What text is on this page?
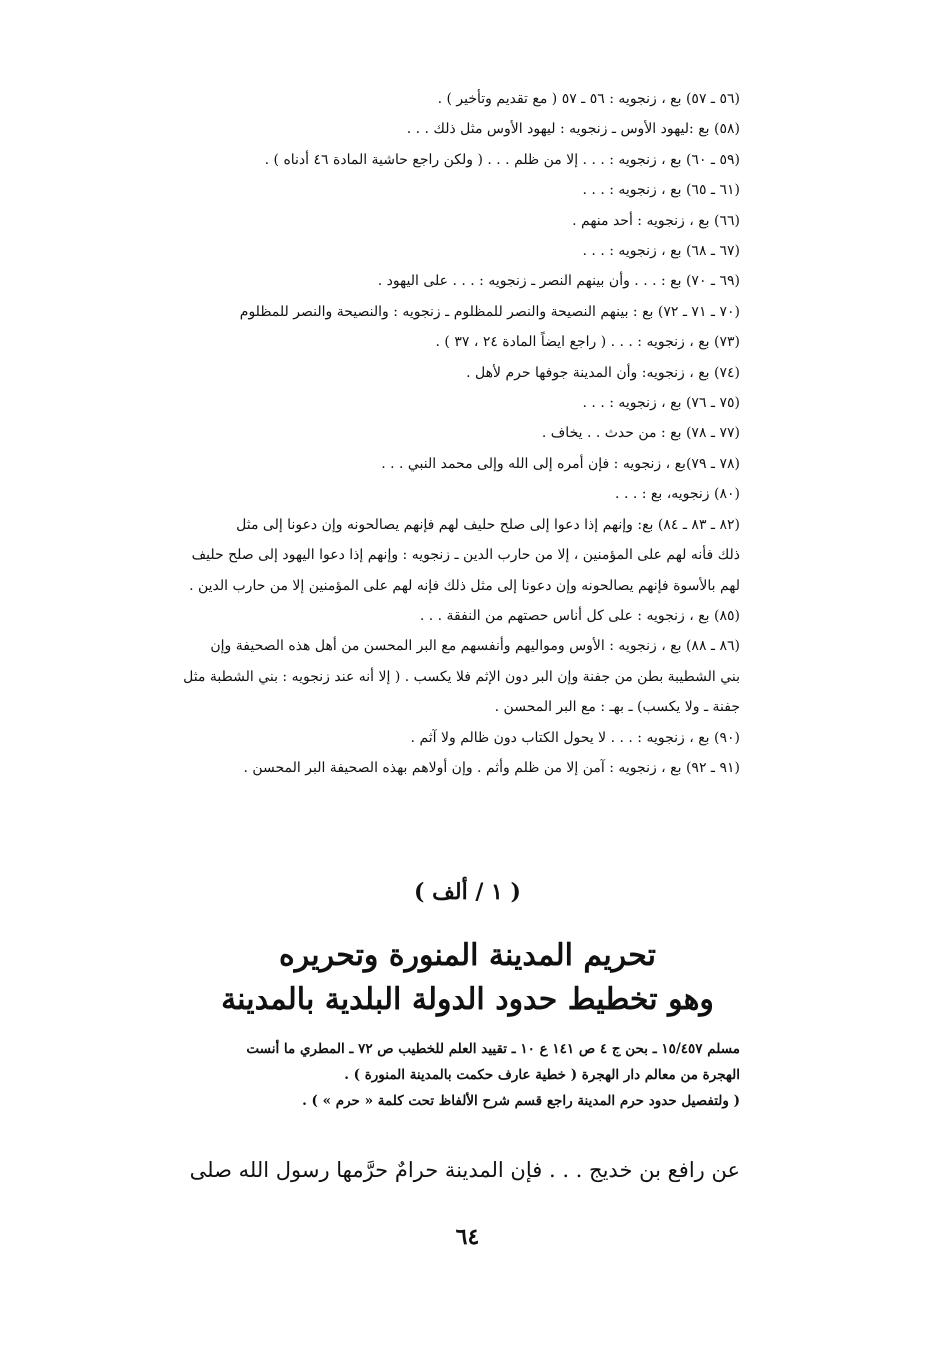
(٥٦ ـ ٥٧) بع ، زنجويه : ٥٦ ـ ٥٧ ( مع تقديم وتأخير ) .
(٥٨) بع :ليهود الأوس ـ زنجويه : ليهود الأوس مثل ذلك . . .
(٥٩ ـ ٦٠) بع ، زنجويه : . . . إلا من ظلم . . . ( ولكن راجع حاشية المادة ٤٦ أدناه ) .
(٦١ ـ ٦٥) بع ، زنجويه : . . .
(٦٦) بع ، زنجويه : أحد منهم .
(٦٧ ـ ٦٨) بع ، زنجويه : . . .
(٦٩ ـ ٧٠) بع : . . . وأن بينهم النصر ـ زنجويه : . . . على اليهود .
(٧٠ ـ ٧١ ـ ٧٢) بع : بينهم النصيحة والنصر للمظلوم ـ زنجويه : والنصيحة والنصر للمظلوم
(٧٣) بع ، زنجويه : . . . ( راجع ايضاً المادة ٢٤ ، ٣٧ ) .
(٧٤) بع ، زنجويه: وأن المدينة جوفها حرم لأهل .
(٧٥ ـ ٧٦) بع ، زنجويه : . . .
(٧٧ ـ ٧٨) بع : من حدث . . يخاف .
(٧٨ ـ ٧٩)بع ، زنجويه : فإن أمره إلى الله وإلى محمد النبي . . .
(٨٠) زنجويه، بع : . . .
(٨٢ ـ ٨٣ ـ ٨٤) بع: وإنهم إذا دعوا إلى صلح حليف لهم فإنهم يصالحونه وإن دعونا إلى مثل
ذلك فأنه لهم على المؤمنين ، إلا من حارب الدين ـ زنجويه : وإنهم إذا دعوا اليهود إلى صلح حليف
لهم بالأسوة فإنهم يصالحونه وإن دعونا إلى مثل ذلك فإنه لهم على المؤمنين إلا من حارب الدين .
(٨٥) بع ، زنجويه : على كل أناس حصتهم من النفقة . . .
(٨٦ ـ ٨٨) بع ، زنجويه : الأوس ومواليهم وأنفسهم مع البر المحسن من أهل هذه الصحيفة وإن
بني الشطيبة بطن من جفنة وإن البر دون الإثم فلا يكسب . ( إلا أنه عند زنجويه : بني الشطبة مثل
جفنة ـ ولا يكسب) ـ بهـ : مع البر المحسن .
(٩٠) بع ، زنجويه : . . . لا يحول الكتاب دون ظالم ولا آثم .
(٩١ ـ ٩٢) بع ، زنجويه : آمن إلا من ظلم وأثم . وإن أولاهم بهذه الصحيفة البر المحسن .
( ١ / ألف )
تحريم المدينة المنورة وتحريره
وهو تخطيط حدود الدولة البلدية بالمدينة
مسلم ١٥/٤٥٧ ـ بحن ج ٤ ص ١٤١ ع ١٠ ـ تقييد العلم للخطيب ص ٧٢ ـ المطري ما أنست
الهجرة من معالم دار الهجرة ( خطية عارف حكمت بالمدينة المنورة ) .
( ولتفصيل حدود حرم المدينة راجع قسم شرح الألفاظ تحت كلمة « حرم » ) .
عن رافع بن خديج . . . فإن المدينة حرامٌ حرَّمها رسول الله صلى
٦٤
